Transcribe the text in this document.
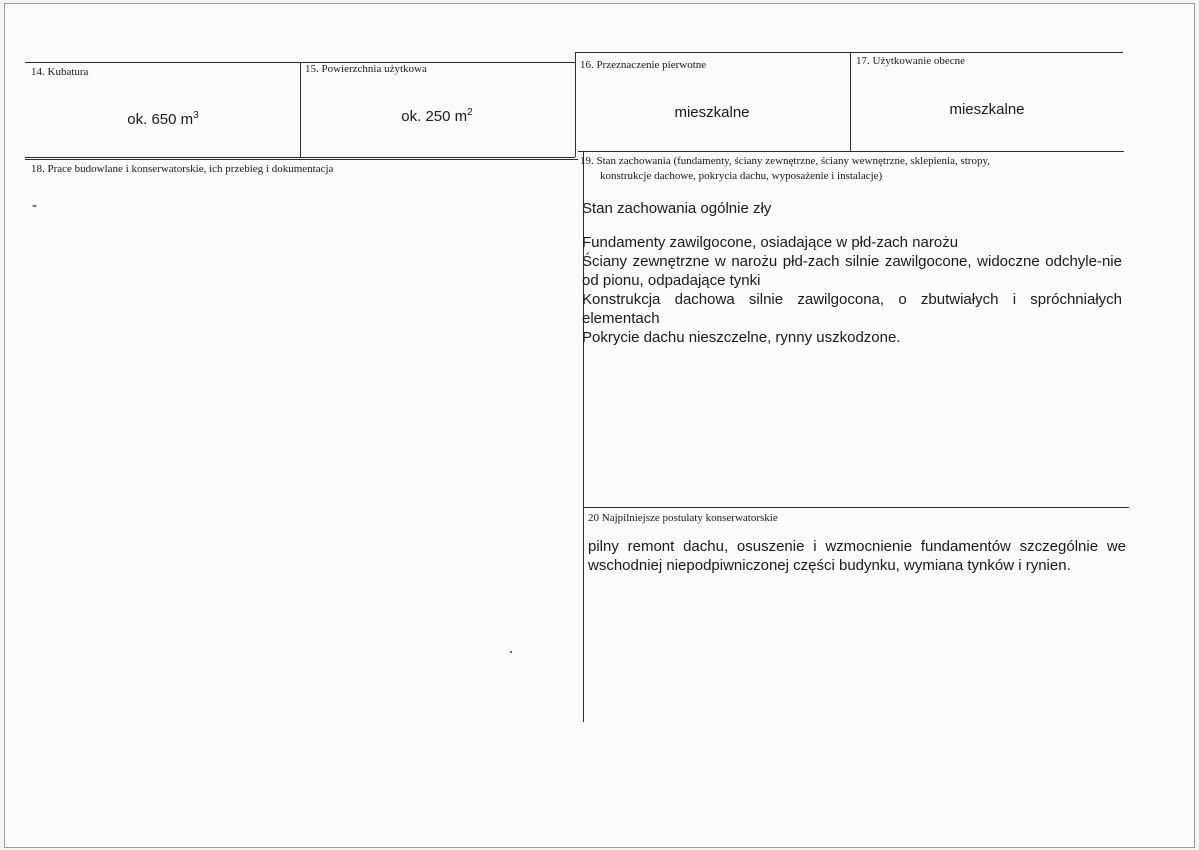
14. Kubatura
ok. 650 $m^3$
15. Powierzchnia użytkowa
ok. 250 $m^2$
16. Przeznaczenie pierwotne
mieszkalne
17. Użytkowanie obecne
mieszkalne
18. Prace budowlane i konserwatorskie, ich przebieg i dokumentacja
-
19. Stan zachowania (fundamenty, ściany zewnętrzne, ściany wewnętrzne, sklepienia, stropy,
konstrukcje dachowe, pokrycia dachu, wyposażenie i instalacje)
Stan zachowania ogólnie zły

Fundamenty zawilgocone, osiadające w płd-zach narożu

Ściany zewnętrzne w narożu płd-zach silnie zawilgocone, widoczne odchyle-nie od pionu, odpadające tynki

Konstrukcja dachowa silnie zawilgocona, o zbutwiałych i spróchniałych elementach

Pokrycie dachu nieszczelne, rynny uszkodzone.

20 Najpilniejsze postulaty konserwatorskie
pilny remont dachu, osuszenie i wzmocnienie fundamentów szczególnie we wschodniej niepodpiwniczonej części budynku, wymiana tynków i rynien.
